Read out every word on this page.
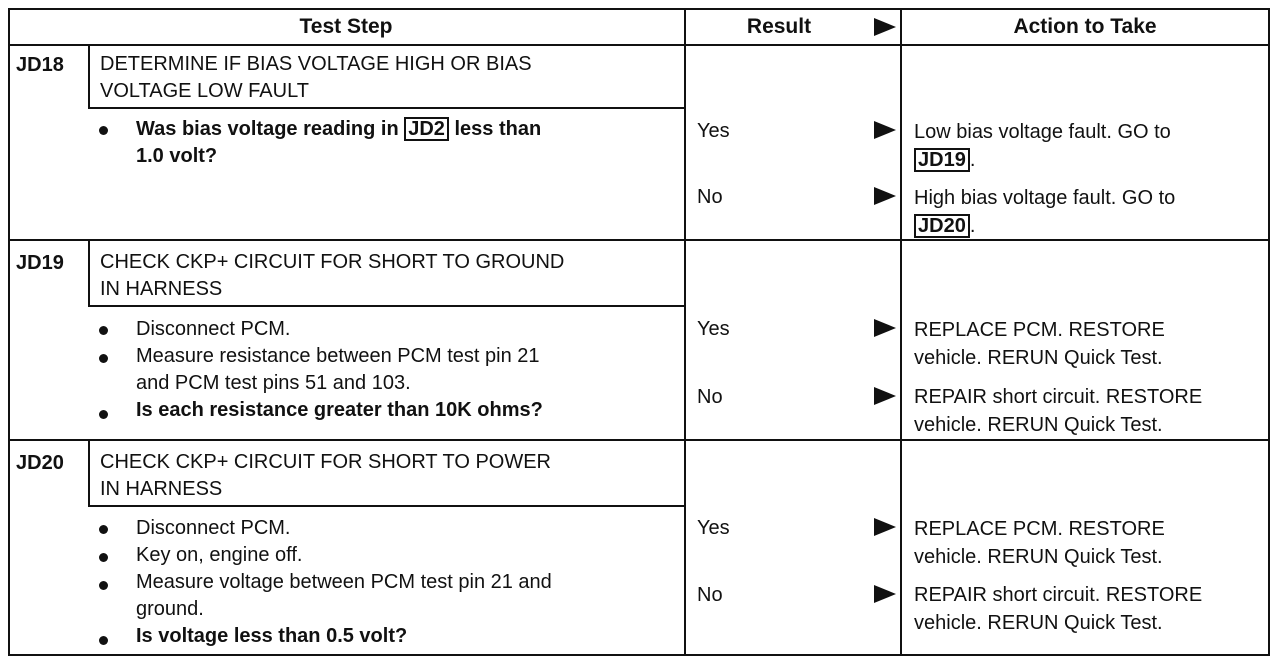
Test Step	Result	Action to Take
JD18 DETERMINE IF BIAS VOLTAGE HIGH OR BIAS
VOLTAGE LOW FAULT
Was bias voltage reading in JD2 less than
1.0 volt?
Yes
No
Low bias voltage fault. GO to
JD19 .
High bias voltage fault. GO to
JD20 .
JD19 CHECK CKP+ CIRCUIT FOR SHORT TO GROUND
IN HARNESS
Disconnect PCM.
Measure resistance between PCM test pin 21
and PCM test pins 51 and 103.
Is each resistance greater than 10K ohms?
Yes
No
REPLACE PCM. RESTORE
vehicle. RERUN Quick Test.
REPAIR short circuit. RESTORE
vehicle. RERUN Quick Test.
JD20 CHECK CKP+ CIRCUIT FOR SHORT TO POWER
IN HARNESS
Disconnect PCM.
Key on, engine off.
Measure voltage between PCM test pin 21 and
ground.
Is voltage less than 0.5 volt?
Yes
No
REPLACE PCM. RESTORE
vehicle. RERUN Quick Test.
REPAIR short circuit. RESTORE
vehicle. RERUN Quick Test.
